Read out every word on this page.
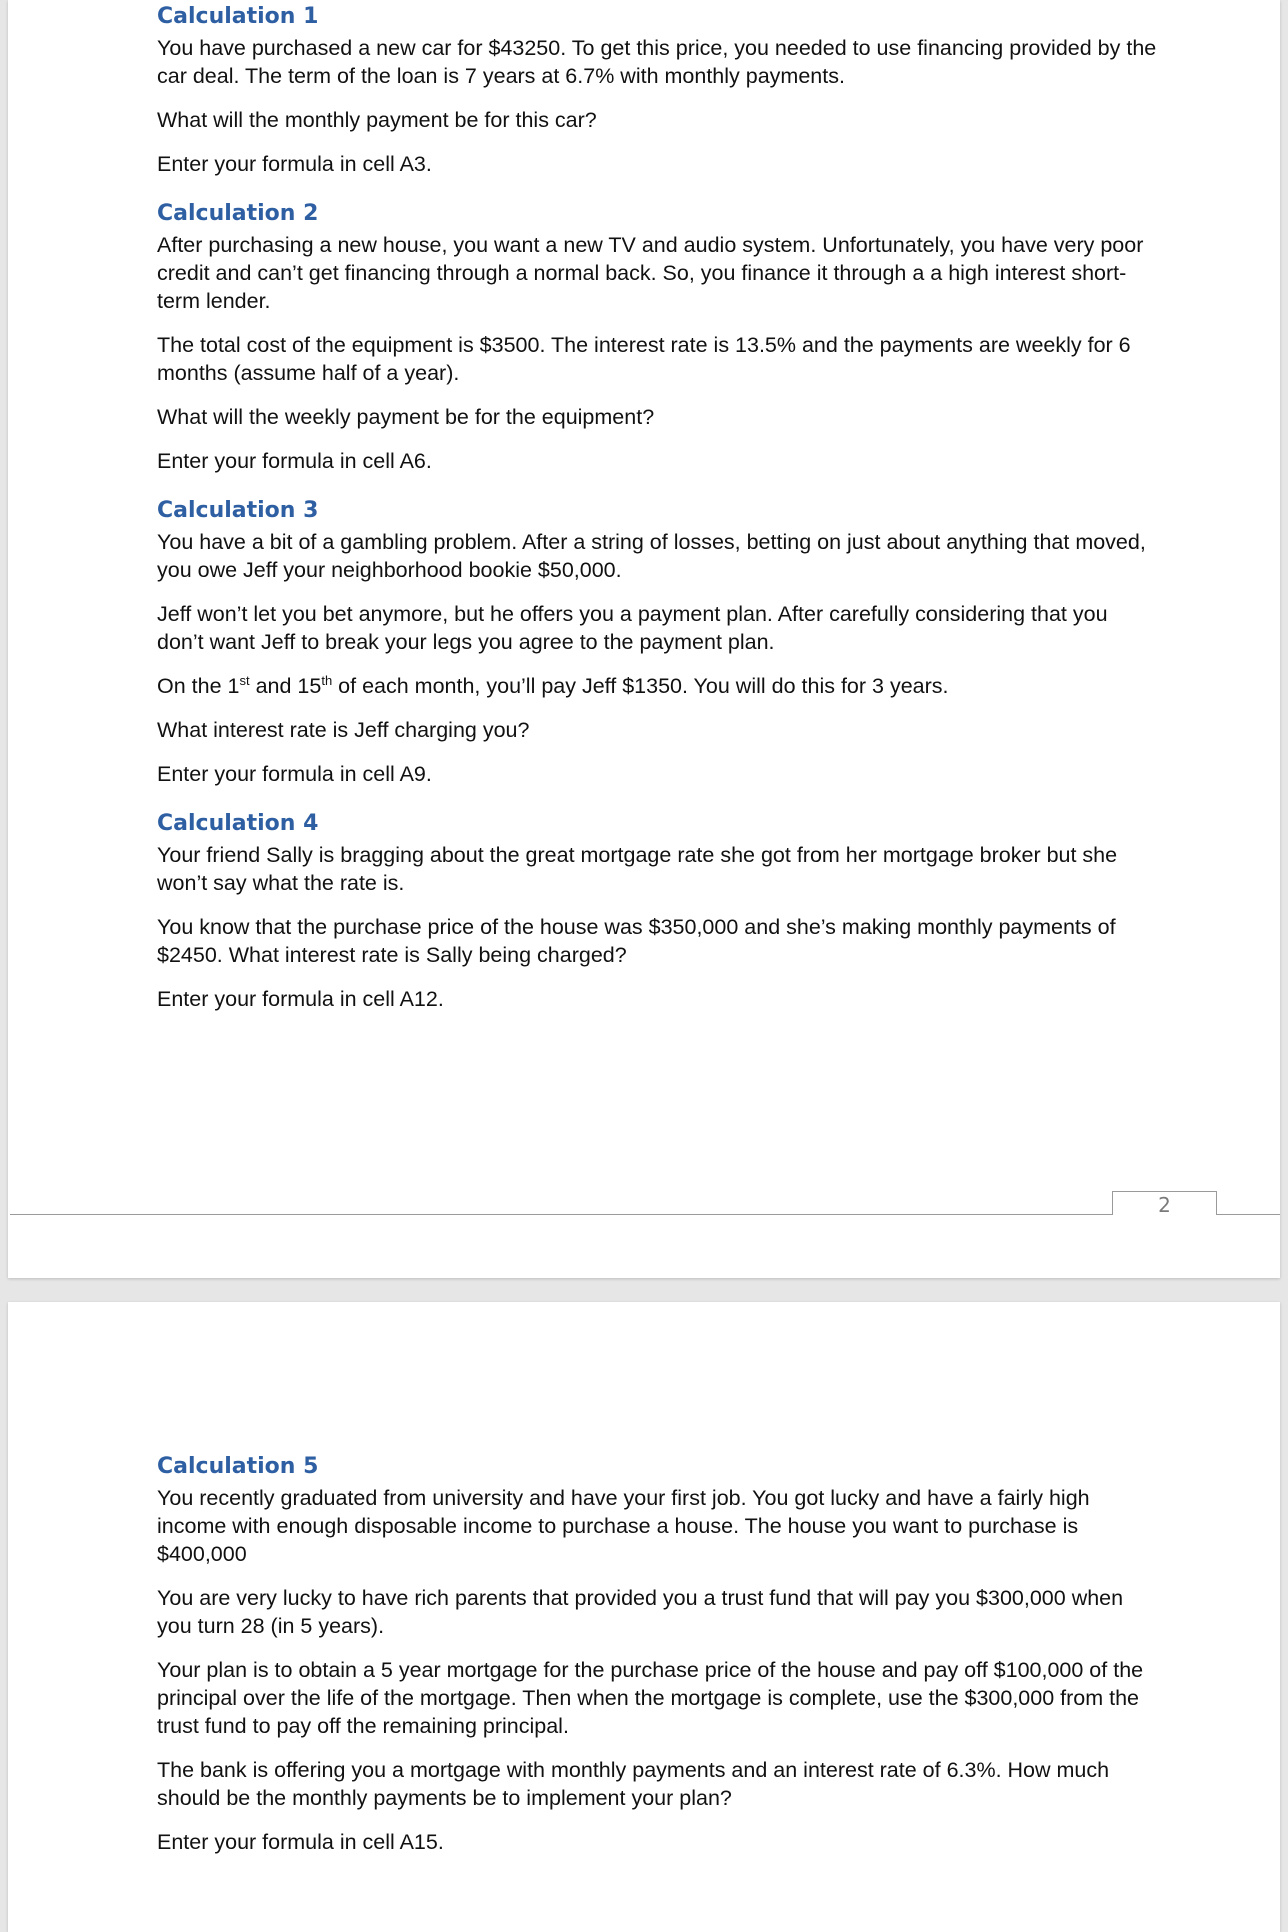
Calculation 1

You have purchased a new car for $43250. To get this price, you needed to use financing provided by the car deal. The term of the loan is 7 years at 6.7% with monthly payments.

What will the monthly payment be for this car?

Enter your formula in cell A3.

Calculation 2

After purchasing a new house, you want a new TV and audio system. Unfortunately, you have very poor credit and can’t get financing through a normal back. So, you finance it through a a high interest short-term lender.

The total cost of the equipment is $3500. The interest rate is 13.5% and the payments are weekly for 6 months (assume half of a year).

What will the weekly payment be for the equipment?

Enter your formula in cell A6.

Calculation 3

You have a bit of a gambling problem. After a string of losses, betting on just about anything that moved, you owe Jeff your neighborhood bookie $50,000.

Jeff won’t let you bet anymore, but he offers you a payment plan. After carefully considering that you don’t want Jeff to break your legs you agree to the payment plan.

On the 1st and 15th of each month, you’ll pay Jeff $1350. You will do this for 3 years.

What interest rate is Jeff charging you?

Enter your formula in cell A9.

Calculation 4

Your friend Sally is bragging about the great mortgage rate she got from her mortgage broker but she won’t say what the rate is.

You know that the purchase price of the house was $350,000 and she’s making monthly payments of $2450. What interest rate is Sally being charged?

Enter your formula in cell A12.

2
Calculation 5

You recently graduated from university and have your first job. You got lucky and have a fairly high income with enough disposable income to purchase a house. The house you want to purchase is $400,000

You are very lucky to have rich parents that provided you a trust fund that will pay you $300,000 when you turn 28 (in 5 years).

Your plan is to obtain a 5 year mortgage for the purchase price of the house and pay off $100,000 of the principal over the life of the mortgage. Then when the mortgage is complete, use the $300,000 from the trust fund to pay off the remaining principal.

The bank is offering you a mortgage with monthly payments and an interest rate of 6.3%. How much should be the monthly payments be to implement your plan?

Enter your formula in cell A15.
